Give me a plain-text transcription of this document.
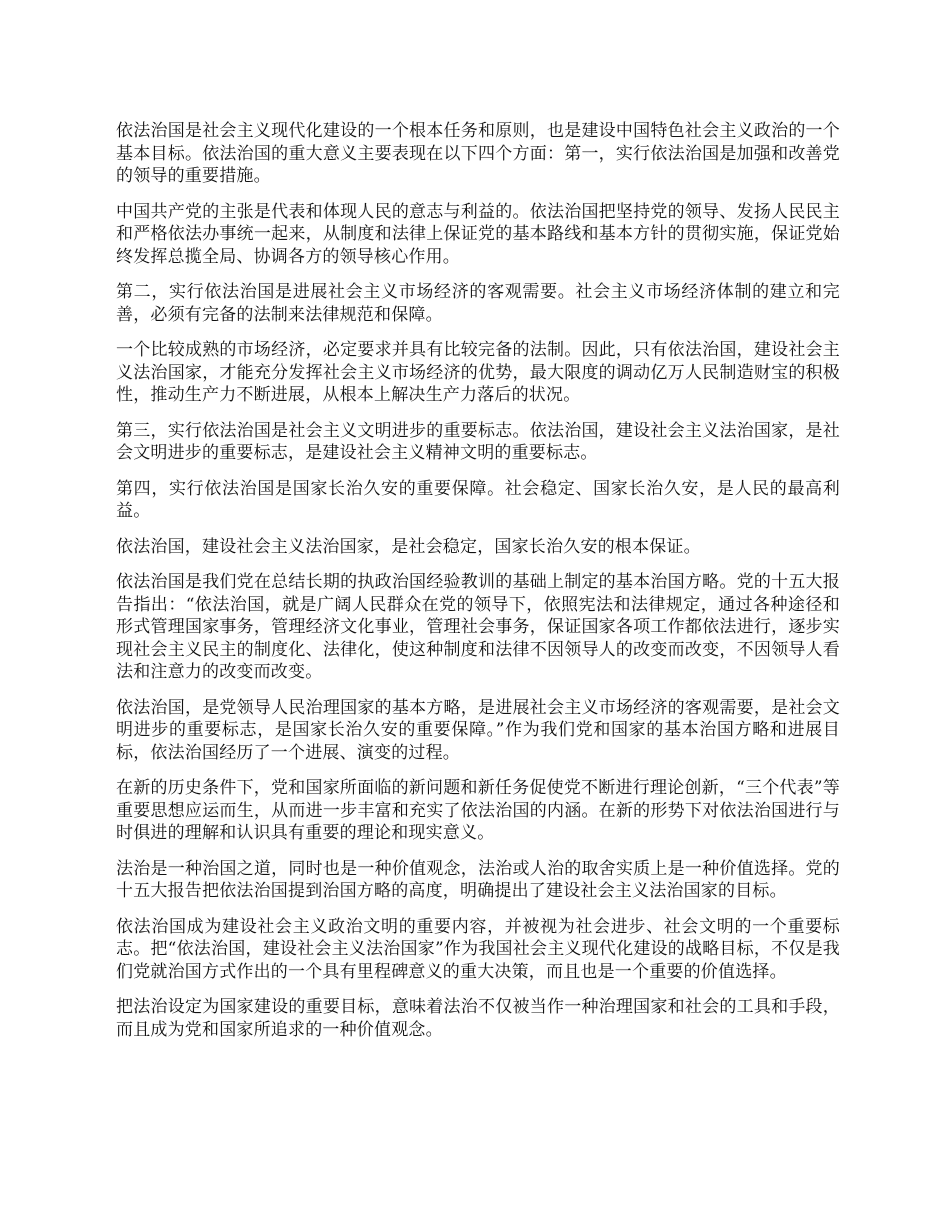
依法治国是社会主义现代化建设的一个根本任务和原则，也是建设中国特色社会主义政治的一个基本目标。依法治国的重大意义主要表现在以下四个方面：第一，实行依法治国是加强和改善党的领导的重要措施。

中国共产党的主张是代表和体现人民的意志与利益的。依法治国把坚持党的领导、发扬人民民主和严格依法办事统一起来，从制度和法律上保证党的基本路线和基本方针的贯彻实施，保证党始终发挥总揽全局、协调各方的领导核心作用。

第二，实行依法治国是进展社会主义市场经济的客观需要。社会主义市场经济体制的建立和完善，必须有完备的法制来法律规范和保障。

一个比较成熟的市场经济，必定要求并具有比较完备的法制。因此，只有依法治国，建设社会主义法治国家，才能充分发挥社会主义市场经济的优势，最大限度的调动亿万人民制造财宝的积极性，推动生产力不断进展，从根本上解决生产力落后的状况。

第三，实行依法治国是社会主义文明进步的重要标志。依法治国，建设社会主义法治国家，是社会文明进步的重要标志，是建设社会主义精神文明的重要标志。

第四，实行依法治国是国家长治久安的重要保障。社会稳定、国家长治久安，是人民的最高利益。

依法治国，建设社会主义法治国家，是社会稳定，国家长治久安的根本保证。

依法治国是我们党在总结长期的执政治国经验教训的基础上制定的基本治国方略。党的十五大报告指出：“依法治国，就是广阔人民群众在党的领导下，依照宪法和法律规定，通过各种途径和形式管理国家事务，管理经济文化事业，管理社会事务，保证国家各项工作都依法进行，逐步实现社会主义民主的制度化、法律化，使这种制度和法律不因领导人的改变而改变，不因领导人看法和注意力的改变而改变。

依法治国，是党领导人民治理国家的基本方略，是进展社会主义市场经济的客观需要，是社会文明进步的重要标志，是国家长治久安的重要保障。”作为我们党和国家的基本治国方略和进展目标，依法治国经历了一个进展、演变的过程。

在新的历史条件下，党和国家所面临的新问题和新任务促使党不断进行理论创新，“三个代表”等重要思想应运而生，从而进一步丰富和充实了依法治国的内涵。在新的形势下对依法治国进行与时俱进的理解和认识具有重要的理论和现实意义。

法治是一种治国之道，同时也是一种价值观念，法治或人治的取舍实质上是一种价值选择。党的十五大报告把依法治国提到治国方略的高度，明确提出了建设社会主义法治国家的目标。

依法治国成为建设社会主义政治文明的重要内容，并被视为社会进步、社会文明的一个重要标志。把“依法治国，建设社会主义法治国家”作为我国社会主义现代化建设的战略目标，不仅是我们党就治国方式作出的一个具有里程碑意义的重大决策，而且也是一个重要的价值选择。

把法治设定为国家建设的重要目标，意味着法治不仅被当作一种治理国家和社会的工具和手段，而且成为党和国家所追求的一种价值观念。
